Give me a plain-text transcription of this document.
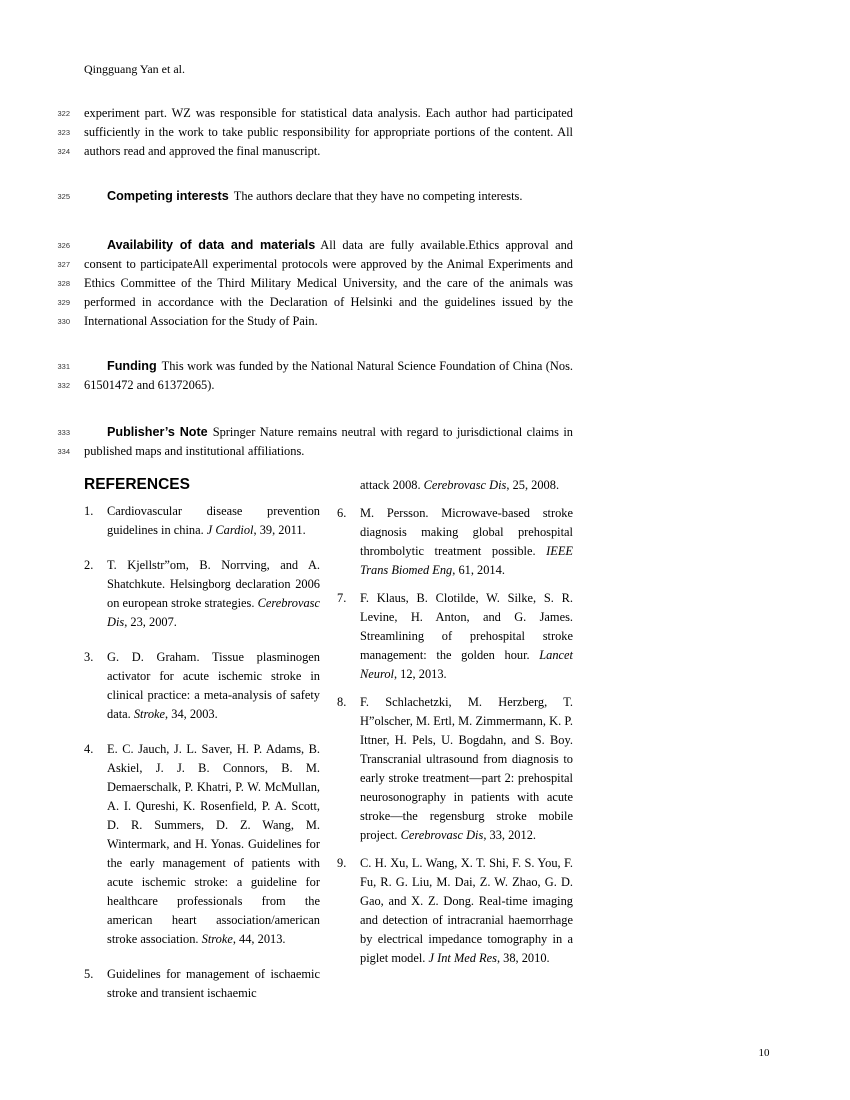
Qingguang Yan et al.
322
323
324
325
326
327
328
329
330
331
332
333
334
experiment part. WZ was responsible for statistical data analysis. Each author had participated sufficiently in the work to take public responsibility for appropriate portions of the content. All authors read and approved the final manuscript.
Competing interests The authors declare that they have no competing interests.
Availability of data and materials All data are fully available.Ethics approval and consent to participateAll experimental protocols were approved by the Animal Experiments and Ethics Committee of the Third Military Medical University, and the care of the animals was performed in accordance with the Declaration of Helsinki and the guidelines issued by the International Association for the Study of Pain.
Funding This work was funded by the National Natural Science Foundation of China (Nos. 61501472 and 61372065).
Publisher’s Note Springer Nature remains neutral with regard to jurisdictional claims in published maps and institutional affiliations.
REFERENCES
1. Cardiovascular disease prevention guidelines in china. J Cardiol, 39, 2011.
2. T. Kjellstr”om, B. Norrving, and A. Shatchkute. Helsingborg declaration 2006 on european stroke strategies. Cerebrovasc Dis, 23, 2007.
3. G. D. Graham. Tissue plasminogen activator for acute ischemic stroke in clinical practice: a meta-analysis of safety data. Stroke, 34, 2003.
4. E. C. Jauch, J. L. Saver, H. P. Adams, B. Askiel, J. J. B. Connors, B. M. Demaerschalk, P. Khatri, P. W. McMullan, A. I. Qureshi, K. Rosenfield, P. A. Scott, D. R. Summers, D. Z. Wang, M. Wintermark, and H. Yonas. Guidelines for the early management of patients with acute ischemic stroke: a guideline for healthcare professionals from the american heart association/american stroke association. Stroke, 44, 2013.
5. Guidelines for management of ischaemic stroke and transient ischaemic
attack 2008. Cerebrovasc Dis, 25, 2008.
6. M. Persson. Microwave-based stroke diagnosis making global prehospital thrombolytic treatment possible. IEEE Trans Biomed Eng, 61, 2014.
7. F. Klaus, B. Clotilde, W. Silke, S. R. Levine, H. Anton, and G. James. Streamlining of prehospital stroke management: the golden hour. Lancet Neurol, 12, 2013.
8. F. Schlachetzki, M. Herzberg, T. H”olscher, M. Ertl, M. Zimmermann, K. P. Ittner, H. Pels, U. Bogdahn, and S. Boy. Transcranial ultrasound from diagnosis to early stroke treatment—part 2: prehospital neurosonography in patients with acute stroke—the regensburg stroke mobile project. Cerebrovasc Dis, 33, 2012.
9. C. H. Xu, L. Wang, X. T. Shi, F. S. You, F. Fu, R. G. Liu, M. Dai, Z. W. Zhao, G. D. Gao, and X. Z. Dong. Real-time imaging and detection of intracranial haemorrhage by electrical impedance tomography in a piglet model. J Int Med Res, 38, 2010.
10
